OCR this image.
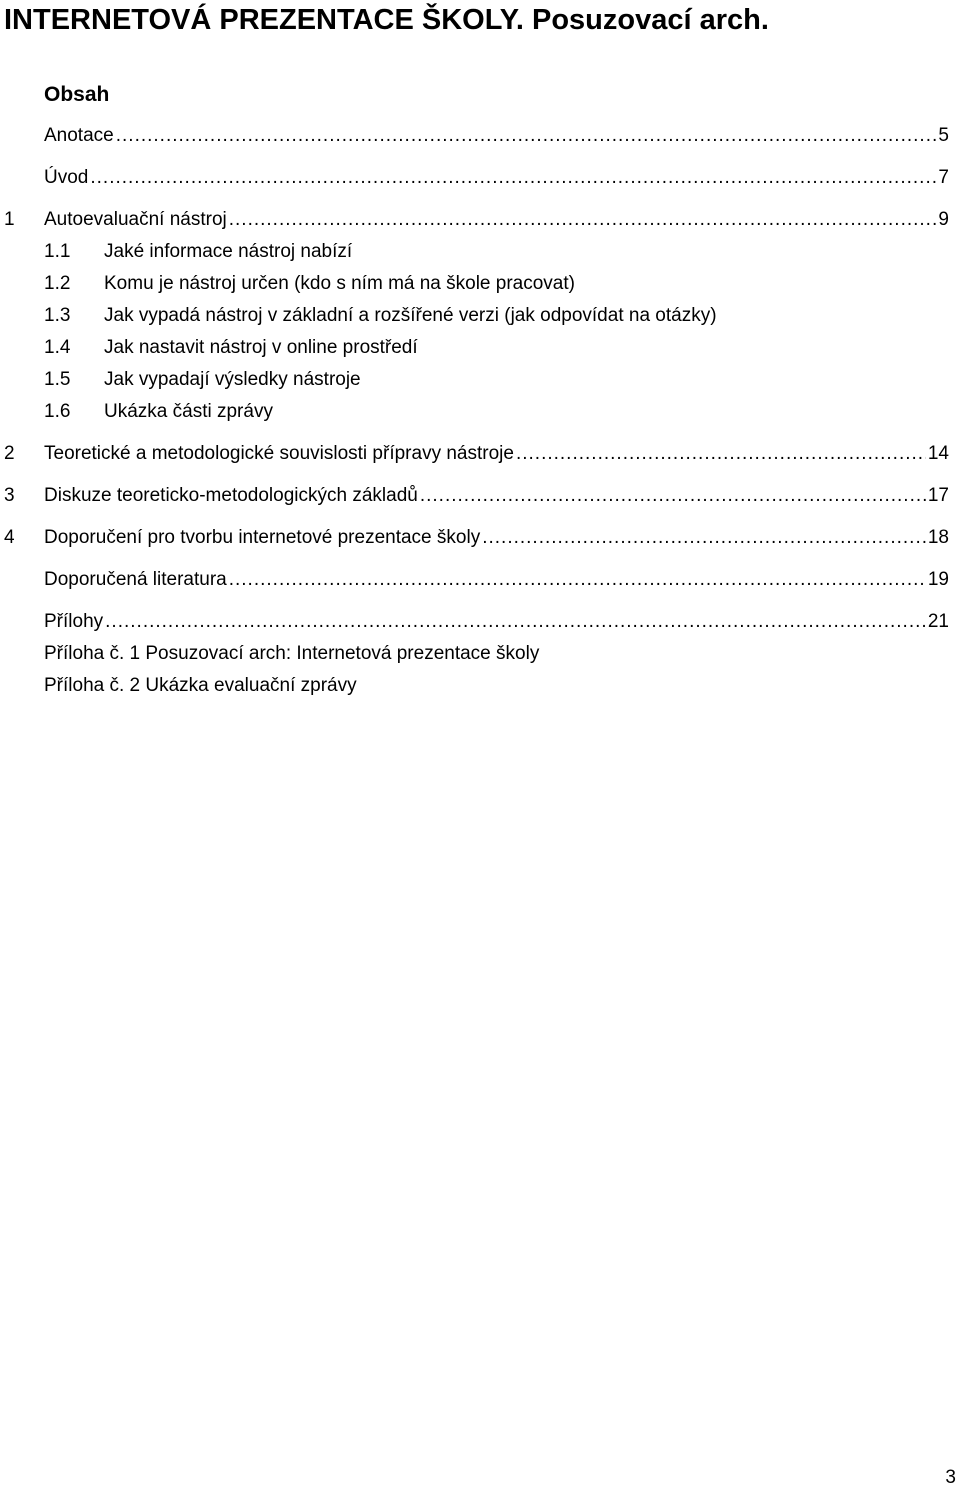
INTERNETOVÁ PREZENTACE ŠKOLY. Posuzovací arch.
Obsah
Anotace .....	5
Úvod .....	7
1	Autoevaluační nástroj .....	9
1.1	Jaké informace nástroj nabízí
1.2	Komu je nástroj určen (kdo s ním má na škole pracovat)
1.3	Jak vypadá nástroj v základní a rozšířené verzi (jak odpovídat na otázky)
1.4	Jak nastavit nástroj v online prostředí
1.5	Jak vypadají výsledky nástroje
1.6	Ukázka části zprávy
2	Teoretické a metodologické souvislosti přípravy nástroje .....	14
3	Diskuze teoreticko-metodologických základů .....	17
4	Doporučení pro tvorbu internetové prezentace školy .....	18
Doporučená literatura .....	19
Přílohy .....	21
Příloha č. 1 Posuzovací arch: Internetová prezentace školy
Příloha č. 2 Ukázka evaluační zprávy
3
